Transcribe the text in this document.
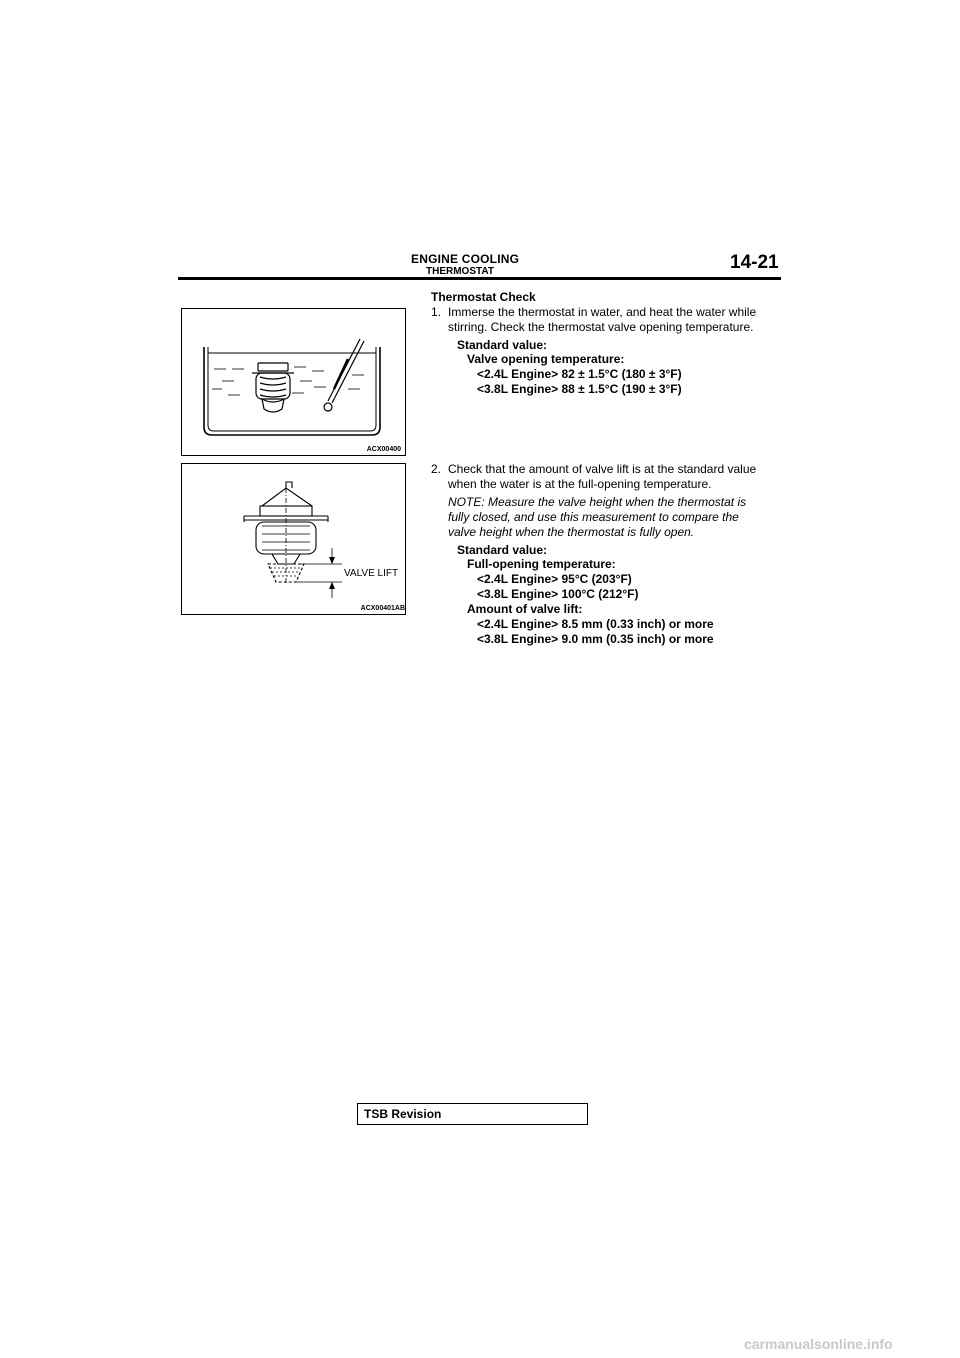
ENGINE COOLING
THERMOSTAT	14-21
ACX00400
VALVE LIFT
ACX00401AB
Thermostat Check
1. Immerse the thermostat in water, and heat the water while
stirring. Check the thermostat valve opening temperature.
Standard value:
Valve opening temperature:
<2.4L Engine> 82 ± 1.5°C (180 ± 3°F)
<3.8L Engine> 88 ± 1.5°C (190 ± 3°F)
2. Check that the amount of valve lift is at the standard value
when the water is at the full-opening temperature.
NOTE: Measure the valve height when the thermostat is
fully closed, and use this measurement to compare the
valve height when the thermostat is fully open.
Standard value:
Full-opening temperature:
<2.4L Engine> 95°C (203°F)
<3.8L Engine> 100°C (212°F)
Amount of valve lift:
<2.4L Engine> 8.5 mm (0.33 inch) or more
<3.8L Engine> 9.0 mm (0.35 inch) or more
TSB Revision
carmanualsonline.info
